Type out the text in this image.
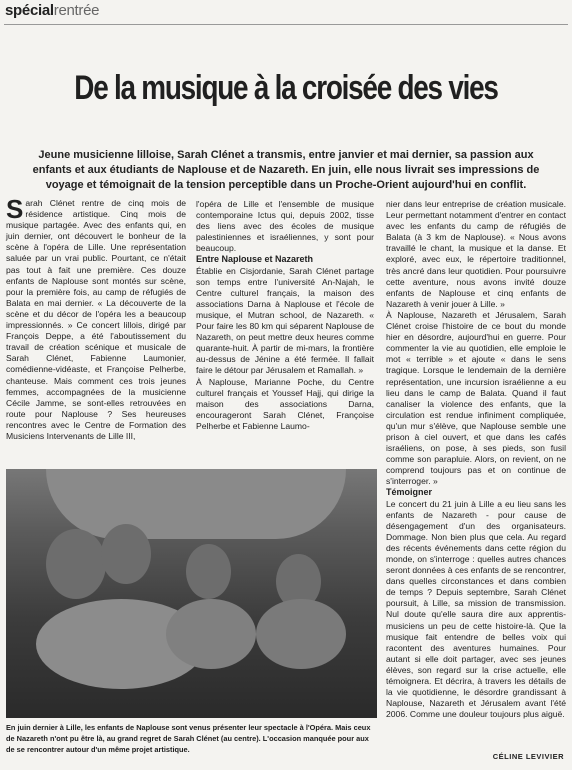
spécialrentrée
De la musique à la croisée des vies
Jeune musicienne lilloise, Sarah Clénet a transmis, entre janvier et mai dernier, sa passion aux enfants et aux étudiants de Naplouse et de Nazareth. En juin, elle nous livrait ses impressions de voyage et témoignait de la tension perceptible dans un Proche-Orient aujourd'hui en conflit.

Sarah Clénet rentre de cinq mois de résidence artistique. Cinq mois de musique partagée. Avec des enfants qui, en juin dernier, ont découvert le bonheur de la scène à l'opéra de Lille. Une représentation saluée par un vrai public. Pourtant, ce n'était pas tout à fait une première. Ces douze enfants de Naplouse sont montés sur scène, pour la première fois, au camp de réfugiés de Balata en mai dernier. « La découverte de la scène et du décor de l'opéra les a beaucoup impressionnés. » Ce concert lillois, dirigé par François Deppe, a été l'aboutissement du travail de création scénique et musicale de Sarah Clénet, Fabienne Laumonier, comédienne-vidéaste, et Françoise Pelherbe, chanteuse. Mais comment ces trois jeunes femmes, accompagnées de la musicienne Cécile Jamme, se sont-elles retrouvées en route pour Naplouse ? Ses heureuses rencontres avec le Centre de Formation des Musiciens Intervenants de Lille III,

l'opéra de Lille et l'ensemble de musique contemporaine Ictus qui, depuis 2002, tisse des liens avec des écoles de musique palestiniennes et israéliennes, y sont pour beaucoup.

Entre Naplouse et Nazareth

Établie en Cisjordanie, Sarah Clénet partage son temps entre l'université An-Najah, le Centre culturel français, la maison des associations Darna à Naplouse et l'école de musique, el Mutran school, de Nazareth. « Pour faire les 80 km qui séparent Naplouse de Nazareth, on peut mettre deux heures comme quarante-huit. À partir de mi-mars, la frontière au-dessus de Jénine a été fermée. Il fallait faire le détour par Jérusalem et Ramallah. »

À Naplouse, Marianne Poche, du Centre culturel français et Youssef Hajj, qui dirige la maison des associations Darna, encourageront Sarah Clénet, Françoise Pelherbe et Fabienne Laumo-

nier dans leur entreprise de création musicale. Leur permettant notamment d'entrer en contact avec les enfants du camp de réfugiés de Balata (à 3 km de Naplouse). « Nous avons travaillé le chant, la musique et la danse. Et exploré, avec eux, le répertoire traditionnel, très ancré dans leur quotidien. Pour poursuivre cette aventure, nous avons invité douze enfants de Naplouse et cinq enfants de Nazareth à venir jouer à Lille. »

À Naplouse, Nazareth et Jérusalem, Sarah Clénet croise l'histoire de ce bout du monde hier en désordre, aujourd'hui en guerre. Pour commenter la vie au quotidien, elle emploie le mot « terrible » et ajoute « dans le sens tragique. Lorsque le lendemain de la dernière représentation, une incursion israélienne a eu lieu dans le camp de Balata. Quand il faut canaliser la violence des enfants, que la circulation est rendue infiniment compliquée, qu'un mur s'élève, que Naplouse semble une prison à ciel ouvert, et que dans les cafés israéliens, on pose, à ses pieds, son fusil comme son parapluie. Alors, on revient, on ne comprend toujours pas et on continue de s'interroger. »

Témoigner

Le concert du 21 juin à Lille a eu lieu sans les enfants de Nazareth - pour cause de désengagement d'un des organisateurs. Dommage. Non bien plus que cela. Au regard des récents événements dans cette région du monde, on s'interroge : quelles autres chances seront données à ces enfants de se rencontrer, dans quelles circonstances et dans combien de temps ? Depuis septembre, Sarah Clénet poursuit, à Lille, sa mission de transmission. Nul doute qu'elle saura dire aux apprentis-musiciens un peu de cette histoire-là. Que la musique fait entendre de belles voix qui racontent des aventures humaines. Pour autant si elle doit partager, avec ses jeunes élèves, son regard sur la crise actuelle, elle témoignera. Et décrira, à travers les détails de la vie quotidienne, le désordre grandissant à Naplouse, Nazareth et Jérusalem avant l'été 2006. Comme une douleur toujours plus aiguë.

En juin dernier à Lille, les enfants de Naplouse sont venus présenter leur spectacle à l'Opéra. Mais ceux de Nazareth n'ont pu être là, au grand regret de Sarah Clénet (au centre). L'occasion manquée pour aux de se rencontrer autour d'un même projet artistique.
CÉLINE LEVIVIER
